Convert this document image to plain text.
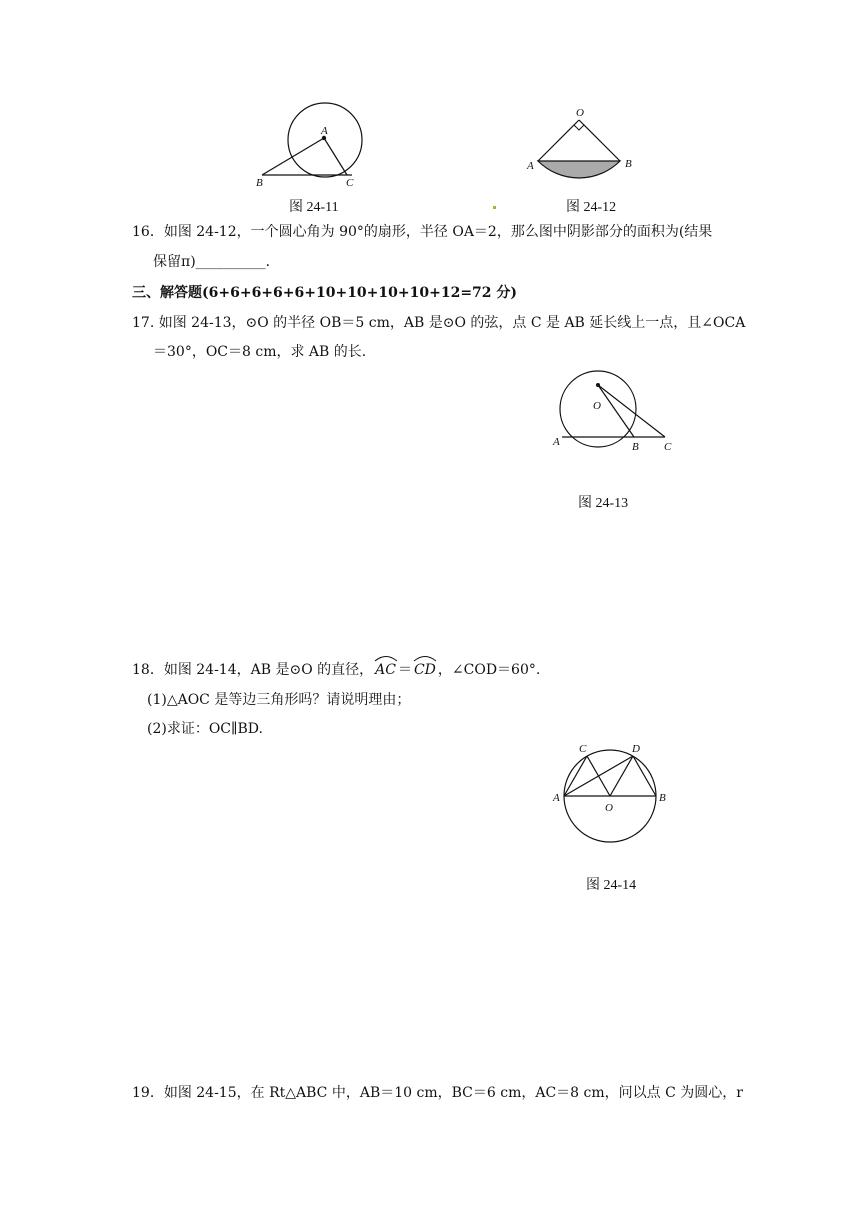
A
B	C
图 24-11
O
A	B
图 24-12
16．如图 24-12，一个圆心角为 90°的扇形，半径 OA＝2，那么图中阴影部分的面积为(结果
保留π)__________．
三、解答题(6+6+6+6+6+10+10+10+10+12=72 分)
17. 如图 24-13，⊙O 的半径 OB＝5 cm，AB 是⊙O 的弦，点 C 是 AB 延长线上一点，且∠OCA
＝30°，OC＝8 cm，求 AB 的长．
O
A	B C
图 24-13
18．如图 24-14，AB 是⊙O 的直径， AC ＝ CD ，∠COD＝60°.
(1)△AOC 是等边三角形吗？请说明理由；
(2)求证：OC∥BD.
C	D
A	B
O
图 24-14
19．如图 24-15，在 Rt△ABC 中，AB＝10 cm，BC＝6 cm，AC＝8 cm，问以点 C 为圆心，r
